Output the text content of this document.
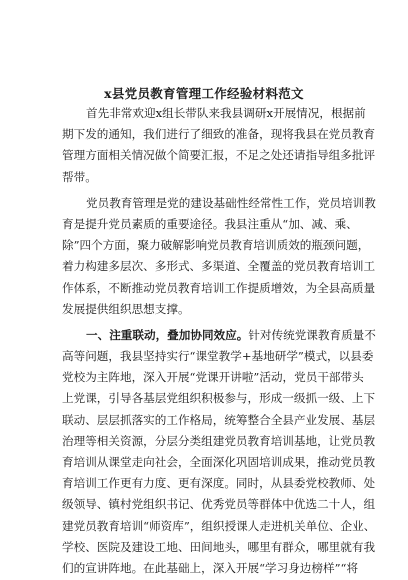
x县党员教育管理工作经验材料范文
首先非常欢迎x组长带队来我县调研x开展情况，根据前
期下发的通知，我们进行了细致的准备，现将我县在党员教育
管理方面相关情况做个简要汇报，不足之处还请指导组多批评
帮带。
党员教育管理是党的建设基础性经常性工作，党员培训教
育是提升党员素质的重要途径。我县注重从“加、减、乘、
除”四个方面，聚力破解影响党员教育培训质效的瓶颈问题，
着力构建多层次、多形式、多渠道、全覆盖的党员教育培训工
作体系，不断推动党员教育培训工作提质增效，为全县高质量
发展提供组织思想支撑。
一、注重联动，叠加协同效应。针对传统党课教育质量不
高等问题，我县坚持实行“课堂教学+基地研学”模式，以县委
党校为主阵地，深入开展“党课开讲啦”活动，党员干部带头
上党课，引导各基层党组织积极参与，形成一级抓一级、上下
联动、层层抓落实的工作格局，统筹整合全县产业发展、基层
治理等相关资源，分层分类组建党员教育培训基地，让党员教
育培训从课堂走向社会，全面深化巩固培训成果，推动党员教
育培训工作更有力度、更有深度。同时，从县委党校教师、处
级领导、镇村党组织书记、优秀党员等群体中优选二十人，组
建党员教育培训“师资库”，组织授课人走进机关单位、企业、
学校、医院及建设工地、田间地头，哪里有群众，哪里就有我
们的宣讲阵地。在此基础上，深入开展“学习身边榜样”“将
